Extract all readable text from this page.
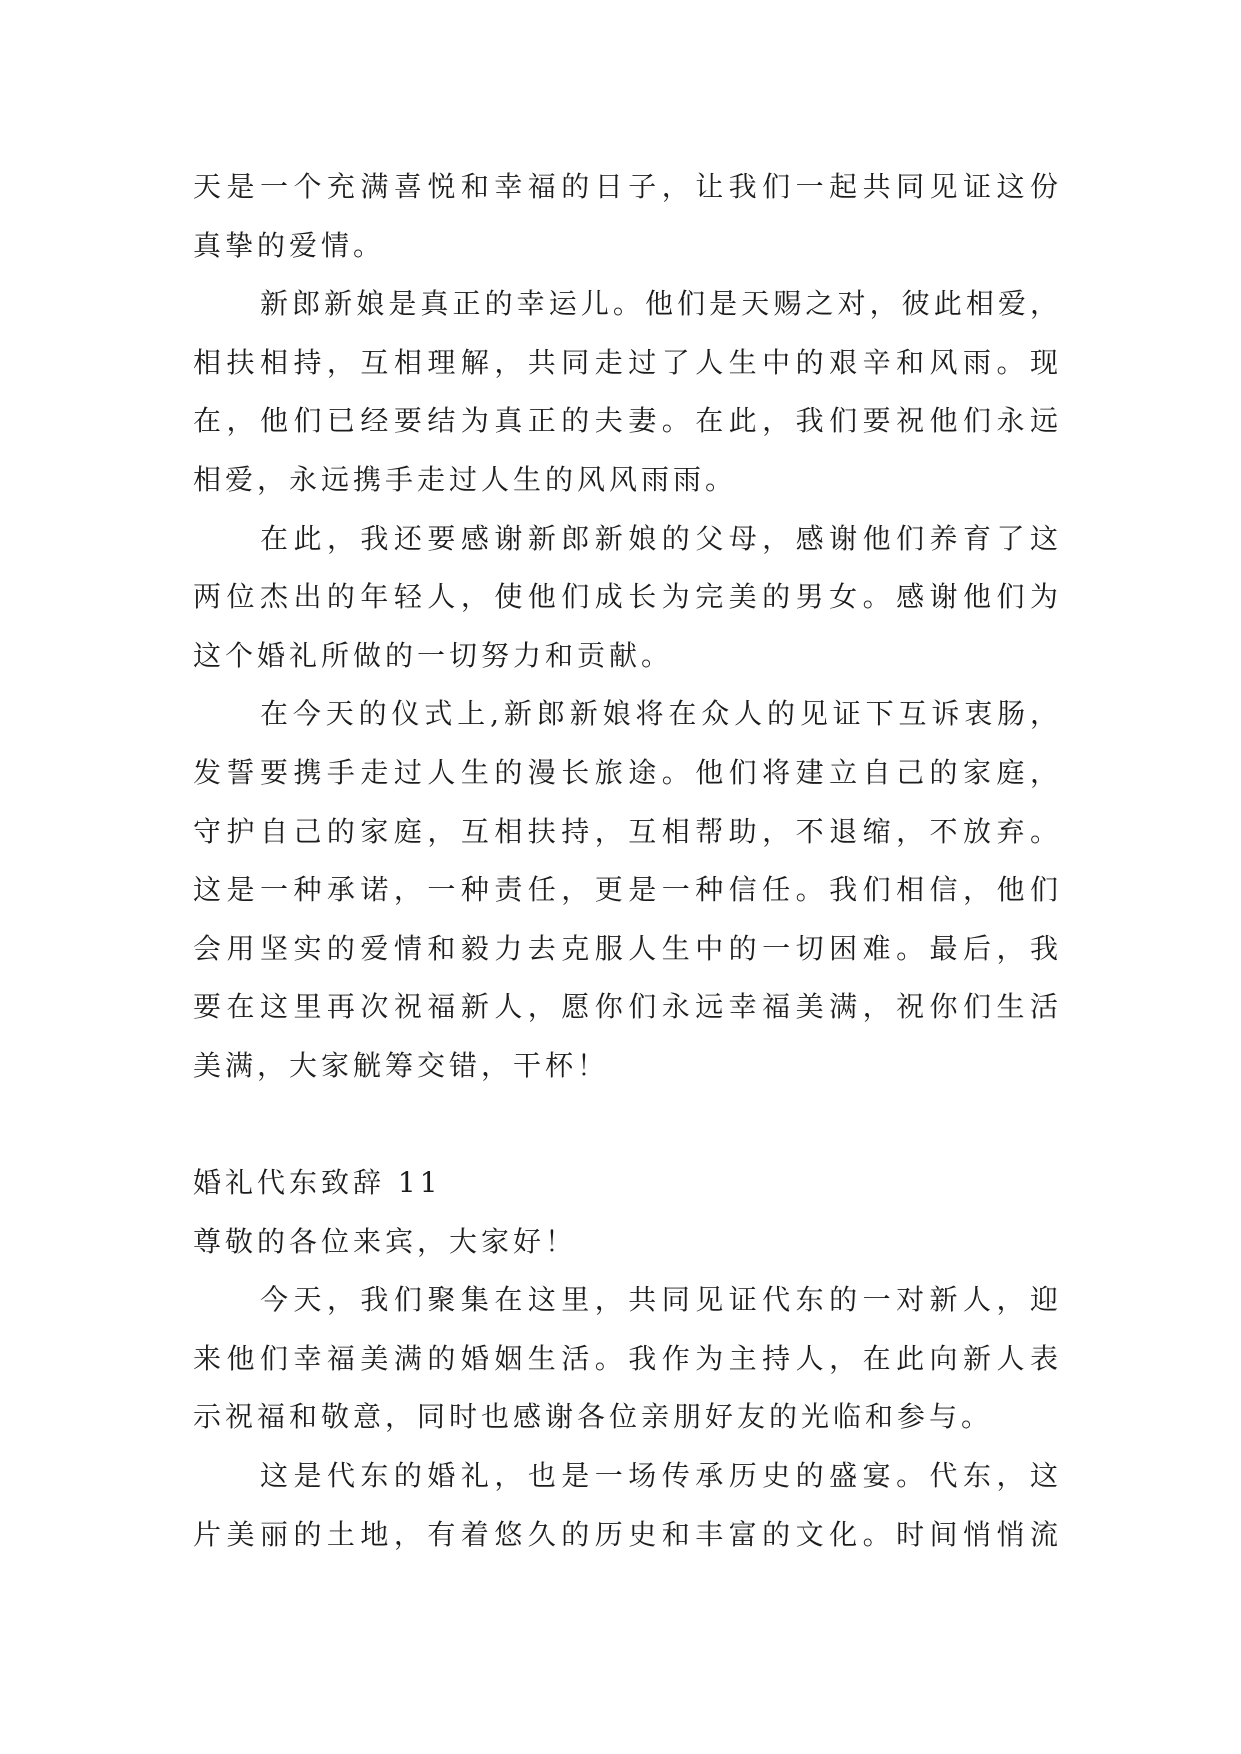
天是一个充满喜悦和幸福的日子，让我们一起共同见证这份
真挚的爱情。
新郎新娘是真正的幸运儿。他们是天赐之对，彼此相爱，
相扶相持，互相理解，共同走过了人生中的艰辛和风雨。现
在，他们已经要结为真正的夫妻。在此，我们要祝他们永远
相爱，永远携手走过人生的风风雨雨。
在此，我还要感谢新郎新娘的父母，感谢他们养育了这
两位杰出的年轻人，使他们成长为完美的男女。感谢他们为
这个婚礼所做的一切努力和贡献。
在今天的仪式上,新郎新娘将在众人的见证下互诉衷肠，
发誓要携手走过人生的漫长旅途。他们将建立自己的家庭，
守护自己的家庭，互相扶持，互相帮助，不退缩，不放弃。
这是一种承诺，一种责任，更是一种信任。我们相信，他们
会用坚实的爱情和毅力去克服人生中的一切困难。最后，我
要在这里再次祝福新人，愿你们永远幸福美满，祝你们生活
美满，大家觥筹交错，干杯！
婚礼代东致辞 11
尊敬的各位来宾，大家好！
今天，我们聚集在这里，共同见证代东的一对新人，迎
来他们幸福美满的婚姻生活。我作为主持人，在此向新人表
示祝福和敬意，同时也感谢各位亲朋好友的光临和参与。
这是代东的婚礼，也是一场传承历史的盛宴。代东，这
片美丽的土地，有着悠久的历史和丰富的文化。时间悄悄流
